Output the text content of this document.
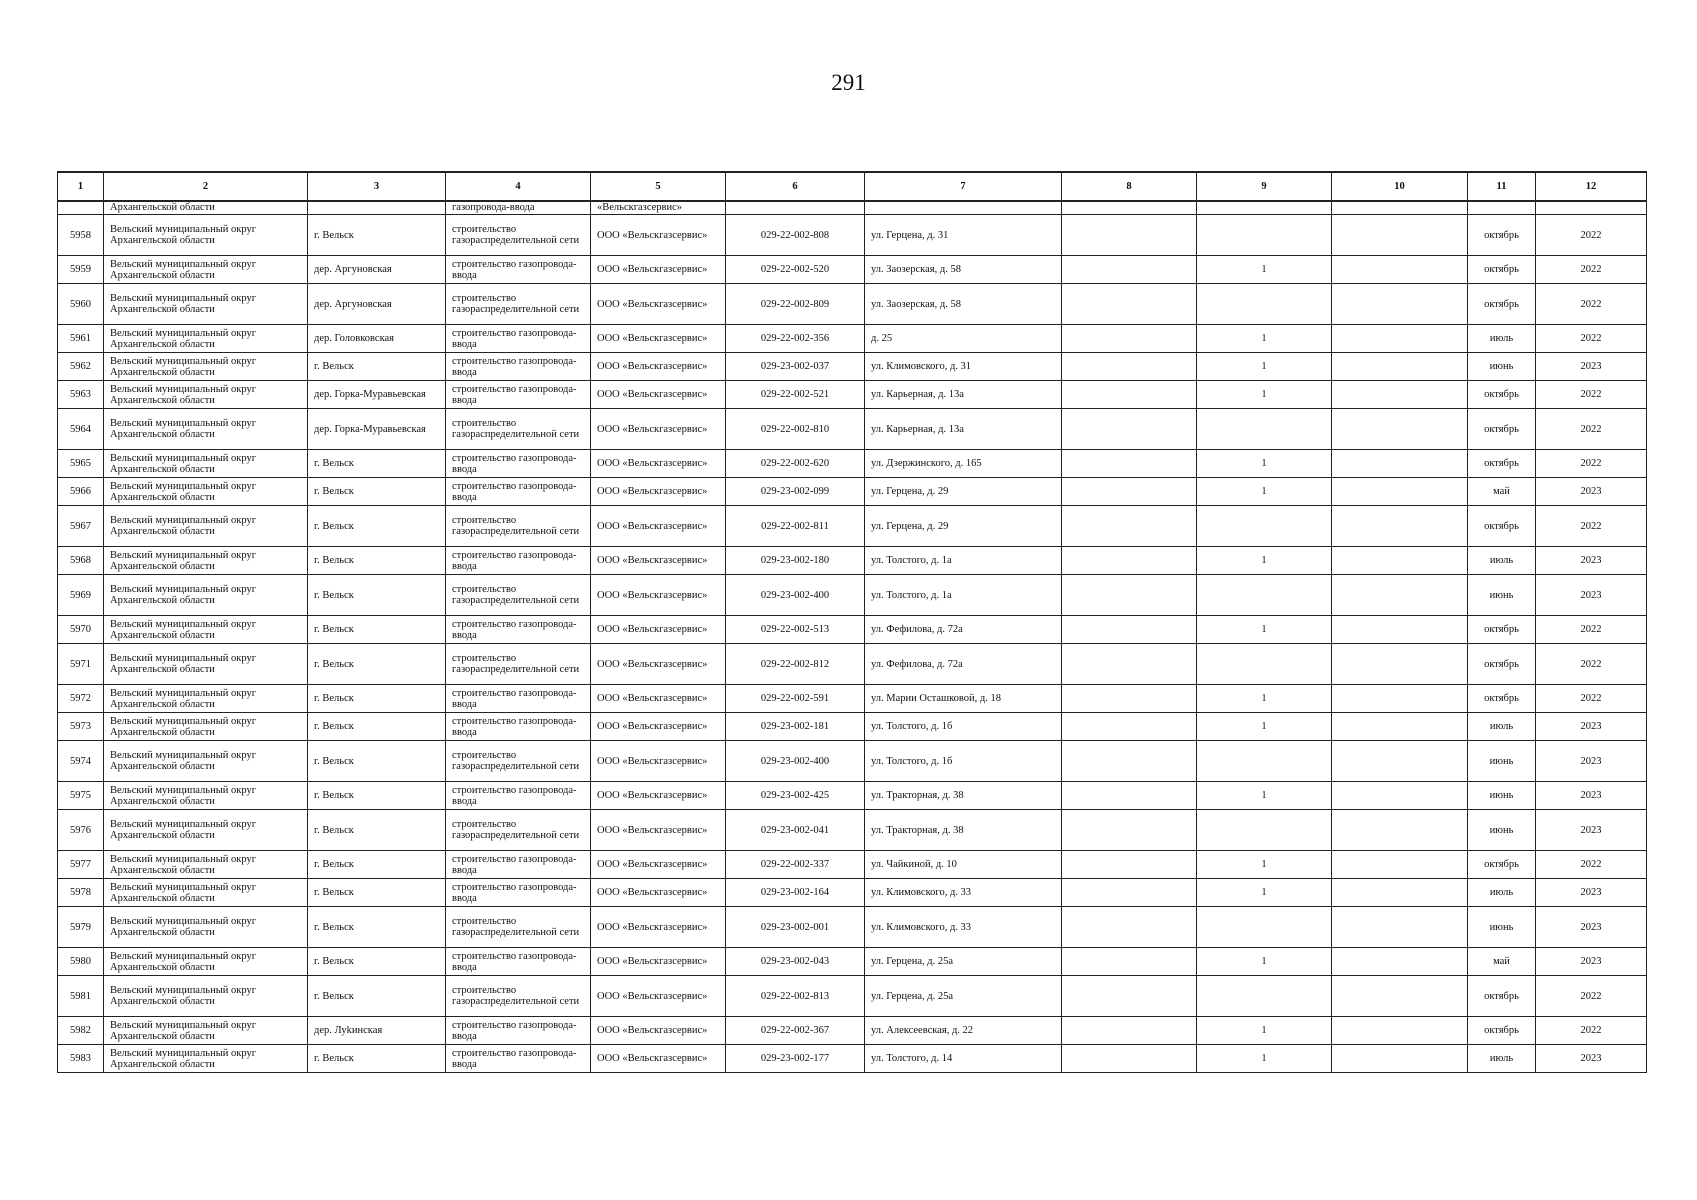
291
1	2	3	4	5	6	7	8	9	10	11	12
	Архангельской области		газопровода-ввода	«Вельскгазсервис»							
5958	Вельский муниципальный округ Архангельской области	г. Вельск	строительство газораспределительной сети	ООО «Вельскгазсервис»	029-22-002-808	ул. Герцена, д. 31				октябрь	2022
5959	Вельский муниципальный округ Архангельской области	дер. Аргуновская	строительство газопровода-ввода	ООО «Вельскгазсервис»	029-22-002-520	ул. Заозерская, д. 58		1		октябрь	2022
5960	Вельский муниципальный округ Архангельской области	дер. Аргуновская	строительство газораспределительной сети	ООО «Вельскгазсервис»	029-22-002-809	ул. Заозерская, д. 58				октябрь	2022
5961	Вельский муниципальный округ Архангельской области	дер. Головковская	строительство газопровода-ввода	ООО «Вельскгазсервис»	029-22-002-356	д. 25		1		июль	2022
5962	Вельский муниципальный округ Архангельской области	г. Вельск	строительство газопровода-ввода	ООО «Вельскгазсервис»	029-23-002-037	ул. Климовского, д. 31		1		июнь	2023
5963	Вельский муниципальный округ Архангельской области	дер. Горка-Муравьевская	строительство газопровода-ввода	ООО «Вельскгазсервис»	029-22-002-521	ул. Карьерная, д. 13а		1		октябрь	2022
5964	Вельский муниципальный округ Архангельской области	дер. Горка-Муравьевская	строительство газораспределительной сети	ООО «Вельскгазсервис»	029-22-002-810	ул. Карьерная, д. 13а				октябрь	2022
5965	Вельский муниципальный округ Архангельской области	г. Вельск	строительство газопровода-ввода	ООО «Вельскгазсервис»	029-22-002-620	ул. Дзержинского, д. 165		1		октябрь	2022
5966	Вельский муниципальный округ Архангельской области	г. Вельск	строительство газопровода-ввода	ООО «Вельскгазсервис»	029-23-002-099	ул. Герцена, д. 29		1		май	2023
5967	Вельский муниципальный округ Архангельской области	г. Вельск	строительство газораспределительной сети	ООО «Вельскгазсервис»	029-22-002-811	ул. Герцена, д. 29				октябрь	2022
5968	Вельский муниципальный округ Архангельской области	г. Вельск	строительство газопровода-ввода	ООО «Вельскгазсервис»	029-23-002-180	ул. Толстого, д. 1а		1		июль	2023
5969	Вельский муниципальный округ Архангельской области	г. Вельск	строительство газораспределительной сети	ООО «Вельскгазсервис»	029-23-002-400	ул. Толстого, д. 1а				июнь	2023
5970	Вельский муниципальный округ Архангельской области	г. Вельск	строительство газопровода-ввода	ООО «Вельскгазсервис»	029-22-002-513	ул. Фефилова, д. 72а		1		октябрь	2022
5971	Вельский муниципальный округ Архангельской области	г. Вельск	строительство газораспределительной сети	ООО «Вельскгазсервис»	029-22-002-812	ул. Фефилова, д. 72а				октябрь	2022
5972	Вельский муниципальный округ Архангельской области	г. Вельск	строительство газопровода-ввода	ООО «Вельскгазсервис»	029-22-002-591	ул. Марии Осташковой, д. 18		1		октябрь	2022
5973	Вельский муниципальный округ Архангельской области	г. Вельск	строительство газопровода-ввода	ООО «Вельскгазсервис»	029-23-002-181	ул. Толстого, д. 1б		1		июль	2023
5974	Вельский муниципальный округ Архангельской области	г. Вельск	строительство газораспределительной сети	ООО «Вельскгазсервис»	029-23-002-400	ул. Толстого, д. 1б				июнь	2023
5975	Вельский муниципальный округ Архангельской области	г. Вельск	строительство газопровода-ввода	ООО «Вельскгазсервис»	029-23-002-425	ул. Тракторная, д. 38		1		июнь	2023
5976	Вельский муниципальный округ Архангельской области	г. Вельск	строительство газораспределительной сети	ООО «Вельскгазсервис»	029-23-002-041	ул. Тракторная, д. 38				июнь	2023
5977	Вельский муниципальный округ Архангельской области	г. Вельск	строительство газопровода-ввода	ООО «Вельскгазсервис»	029-22-002-337	ул. Чайкиной, д. 10		1		октябрь	2022
5978	Вельский муниципальный округ Архангельской области	г. Вельск	строительство газопровода-ввода	ООО «Вельскгазсервис»	029-23-002-164	ул. Климовского, д. 33		1		июль	2023
5979	Вельский муниципальный округ Архангельской области	г. Вельск	строительство газораспределительной сети	ООО «Вельскгазсервис»	029-23-002-001	ул. Климовского, д. 33				июнь	2023
5980	Вельский муниципальный округ Архангельской области	г. Вельск	строительство газопровода-ввода	ООО «Вельскгазсервис»	029-23-002-043	ул. Герцена, д. 25а		1		май	2023
5981	Вельский муниципальный округ Архангельской области	г. Вельск	строительство газораспределительной сети	ООО «Вельскгазсервис»	029-22-002-813	ул. Герцена, д. 25а				октябрь	2022
5982	Вельский муниципальный округ Архангельской области	дер. Луkинская	строительство газопровода-ввода	ООО «Вельскгазсервис»	029-22-002-367	ул. Алексеевская, д. 22		1		октябрь	2022
5983	Вельский муниципальный округ Архангельской области	г. Вельск	строительство газопровода-ввода	ООО «Вельскгазсервис»	029-23-002-177	ул. Толстого, д. 14		1		июль	2023
